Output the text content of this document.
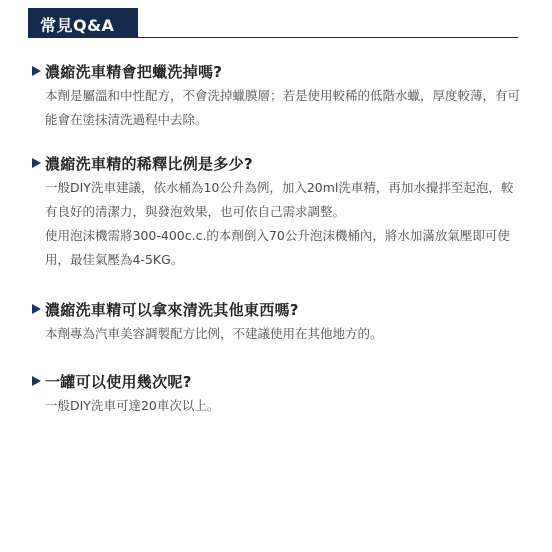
常見Q&A
濃縮洗車精會把蠟洗掉嗎?

本劑是屬溫和中性配方，不會洗掉蠟膜層；若是使用較稀的低階水蠟，厚度較薄，有可能會在塗抹清洗過程中去除。

濃縮洗車精的稀釋比例是多少?

一般DIY洗車建議，依水桶為10公升為例，加入20ml洗車精，再加水攪拌至起泡，較有良好的清潔力，與發泡效果，也可依自己需求調整。

使用泡沫機需將300-400c.c.的本劑倒入70公升泡沫機桶內，將水加滿放氣壓即可使用，最佳氣壓為4-5KG。

濃縮洗車精可以拿來清洗其他東西嗎?

本劑專為汽車美容調製配方比例，不建議使用在其他地方的。

一罐可以使用幾次呢?

一般DIY洗車可達20車次以上。
